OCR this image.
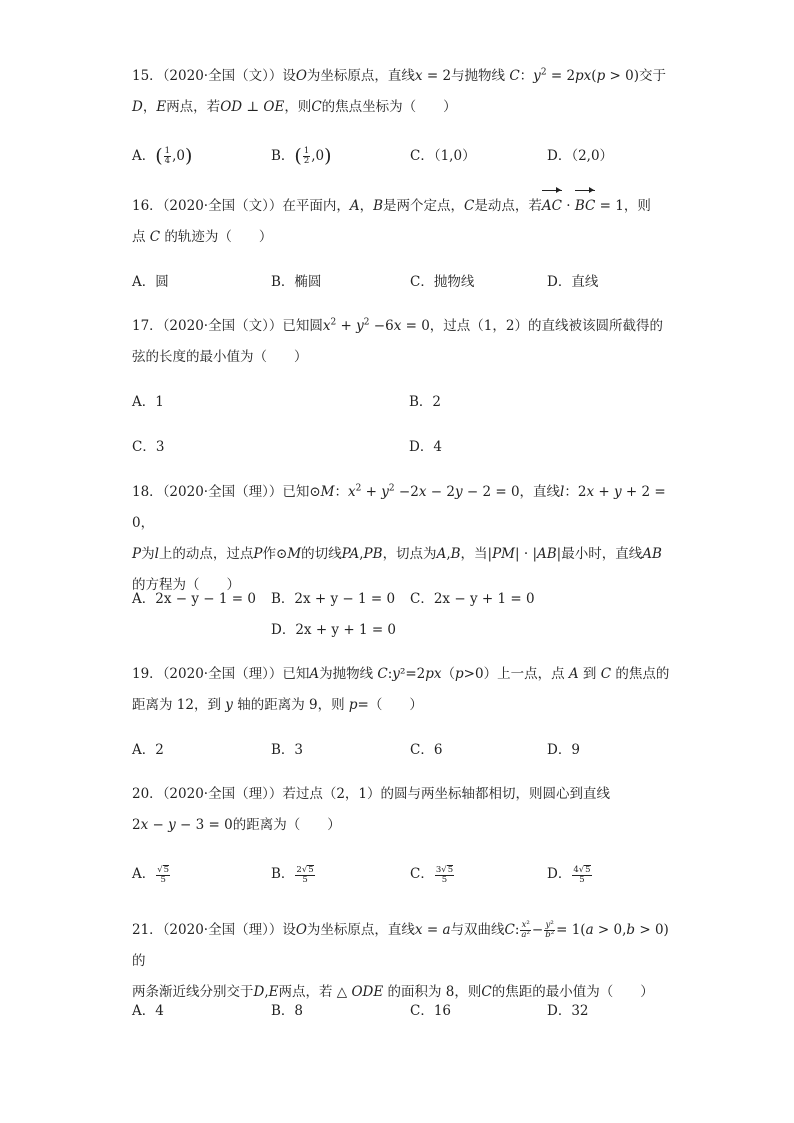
15．（2020·全国（文））设O为坐标原点，直线x = 2与抛物线 C：$y^2 = 2px(p > 0)$交于
D，E两点，若OD ⊥ OE，则C的焦点坐标为（　　）
A．( $\frac{1}{4} ,0$)	B．( $\frac{1}{2} ,0$)	C．（1,0）	D．（2,0）
16．（2020·全国（文））在平面内，A，B是两个定点，C是动点，若AC · BC = 1，则
点 C 的轨迹为（　　）
A．圆	B．椭圆	C．抛物线	D．直线
17．（2020·全国（文））已知圆$x^2 + y^2 -6x = 0$，过点（1，2）的直线被该圆所截得的
弦的长度的最小值为（　　）
A．1	B．2
C．3	D．4
18．（2020·全国（理））已知⊙M：$x^2 + y^2 -2x - 2y - 2 = 0$，直线l：2x + y + 2 = 0，
P为l上的动点，过点P作⊙M的切线PA,PB，切点为A,B，当|PM| · |AB|最小时，直线AB
的方程为（　　）
A．2x − y − 1 = 0 B．2x + y − 1 = 0 C．2x − y + 1 = 0
D．2x + y + 1 = 0
19．（2020·全国（理））已知A为抛物线 C:y²=2px（p>0）上一点，点 A 到 C 的焦点的
距离为 12，到 y 轴的距离为 9，则 p=（　　）
A．2	B．3	C．6	D．9
20．（2020·全国（理））若过点（2，1）的圆与两坐标轴都相切，则圆心到直线
2x − y − 3 = 0的距离为（　　）
A． $\frac{√5}{5}$	B． $\frac{2√5}{5}$	C． $\frac{3√5}{5}$	D． $\frac{4√5}{5}$
21．（2020·全国（理））设O为坐标原点，直线x = a与双曲线C: $\frac{\text{x²}}{\text{a²}} - \frac{\text{y²}}{\text{b²}} = 1(a > 0,b > 0)$的
两条渐近线分别交于D,E两点，若 △ ODE 的面积为 8，则C的焦距的最小值为（　　）
A．4	B．8	C．16	D．32
